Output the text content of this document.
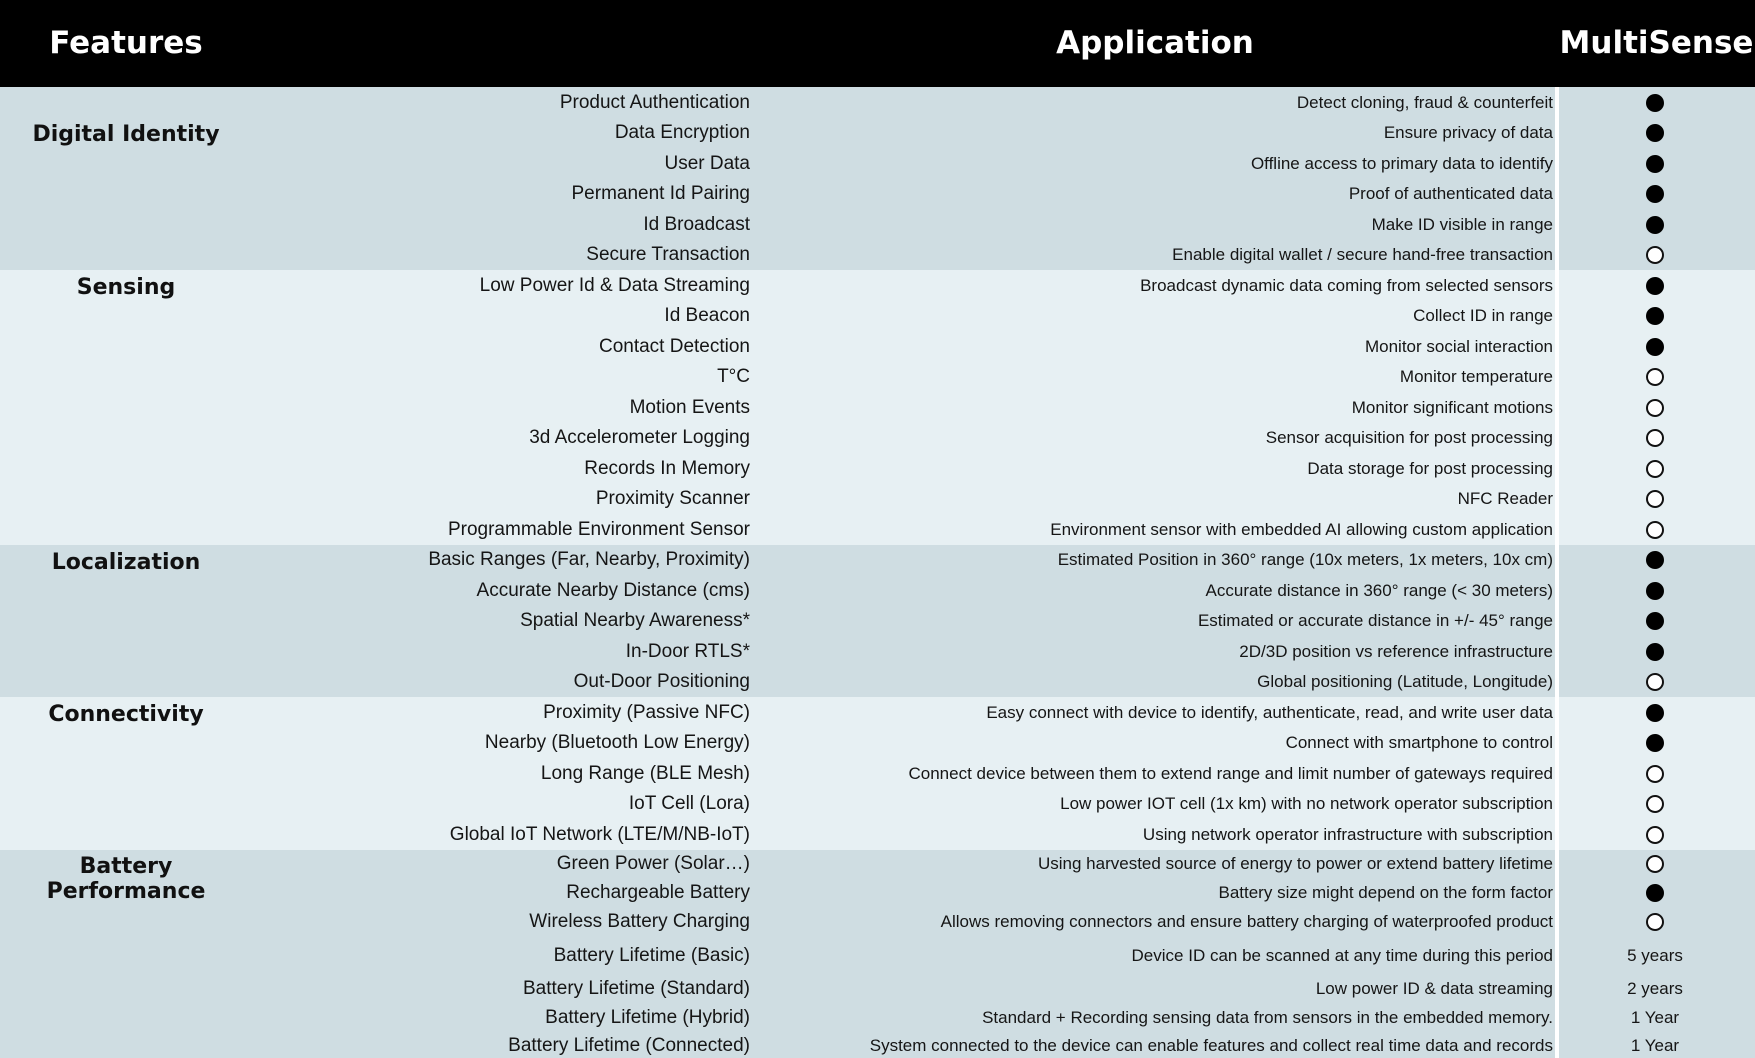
Features	Application	MultiSense
Digital Identity
Product Authentication	Detect cloning, fraud & counterfeit
Data Encryption	Ensure privacy of data
User Data	Offline access to primary data to identify
Permanent Id Pairing	Proof of authenticated data
Id Broadcast	Make ID visible in range
Secure Transaction	Enable digital wallet / secure hand-free transaction
Sensing	Low Power Id & Data Streaming	Broadcast dynamic data coming from selected sensors
Id Beacon	Collect ID in range
Contact Detection	Monitor social interaction
T°C	Monitor temperature
Motion Events	Monitor significant motions
3d Accelerometer Logging	Sensor acquisition for post processing
Records In Memory	Data storage for post processing
Proximity Scanner	NFC Reader
Programmable Environment Sensor	Environment sensor with embedded AI allowing custom application
Localization	Basic Ranges (Far, Nearby, Proximity)	Estimated Position in 360° range (10x meters, 1x meters, 10x cm)
Accurate Nearby Distance (cms)	Accurate distance in 360° range (< 30 meters)
Spatial Nearby Awareness*	Estimated or accurate distance in +/- 45° range
In-Door RTLS*	2D/3D position vs reference infrastructure
Out-Door Positioning	Global positioning (Latitude, Longitude)
Connectivity	Proximity (Passive NFC)	Easy connect with device to identify, authenticate, read, and write user data
Nearby (Bluetooth Low Energy)	Connect with smartphone to control
Long Range (BLE Mesh)	Connect device between them to extend range and limit number of gateways required
IoT Cell (Lora)	Low power IOT cell (1x km) with no network operator subscription
Global IoT Network (LTE/M/NB-IoT)	Using network operator infrastructure with subscription
Battery Performance
Green Power (Solar…)	Using harvested source of energy to power or extend battery lifetime
Rechargeable Battery	Battery size might depend on the form factor
Wireless Battery Charging	Allows removing connectors and ensure battery charging of waterproofed product
Battery Lifetime (Basic)	Device ID can be scanned at any time during this period	5 years
Battery Lifetime (Standard)	Low power ID & data streaming	2 years
Battery Lifetime (Hybrid)	Standard + Recording sensing data from sensors in the embedded memory.	1 Year
Battery Lifetime (Connected)	System connected to the device can enable features and collect real time data and records	1 Year
